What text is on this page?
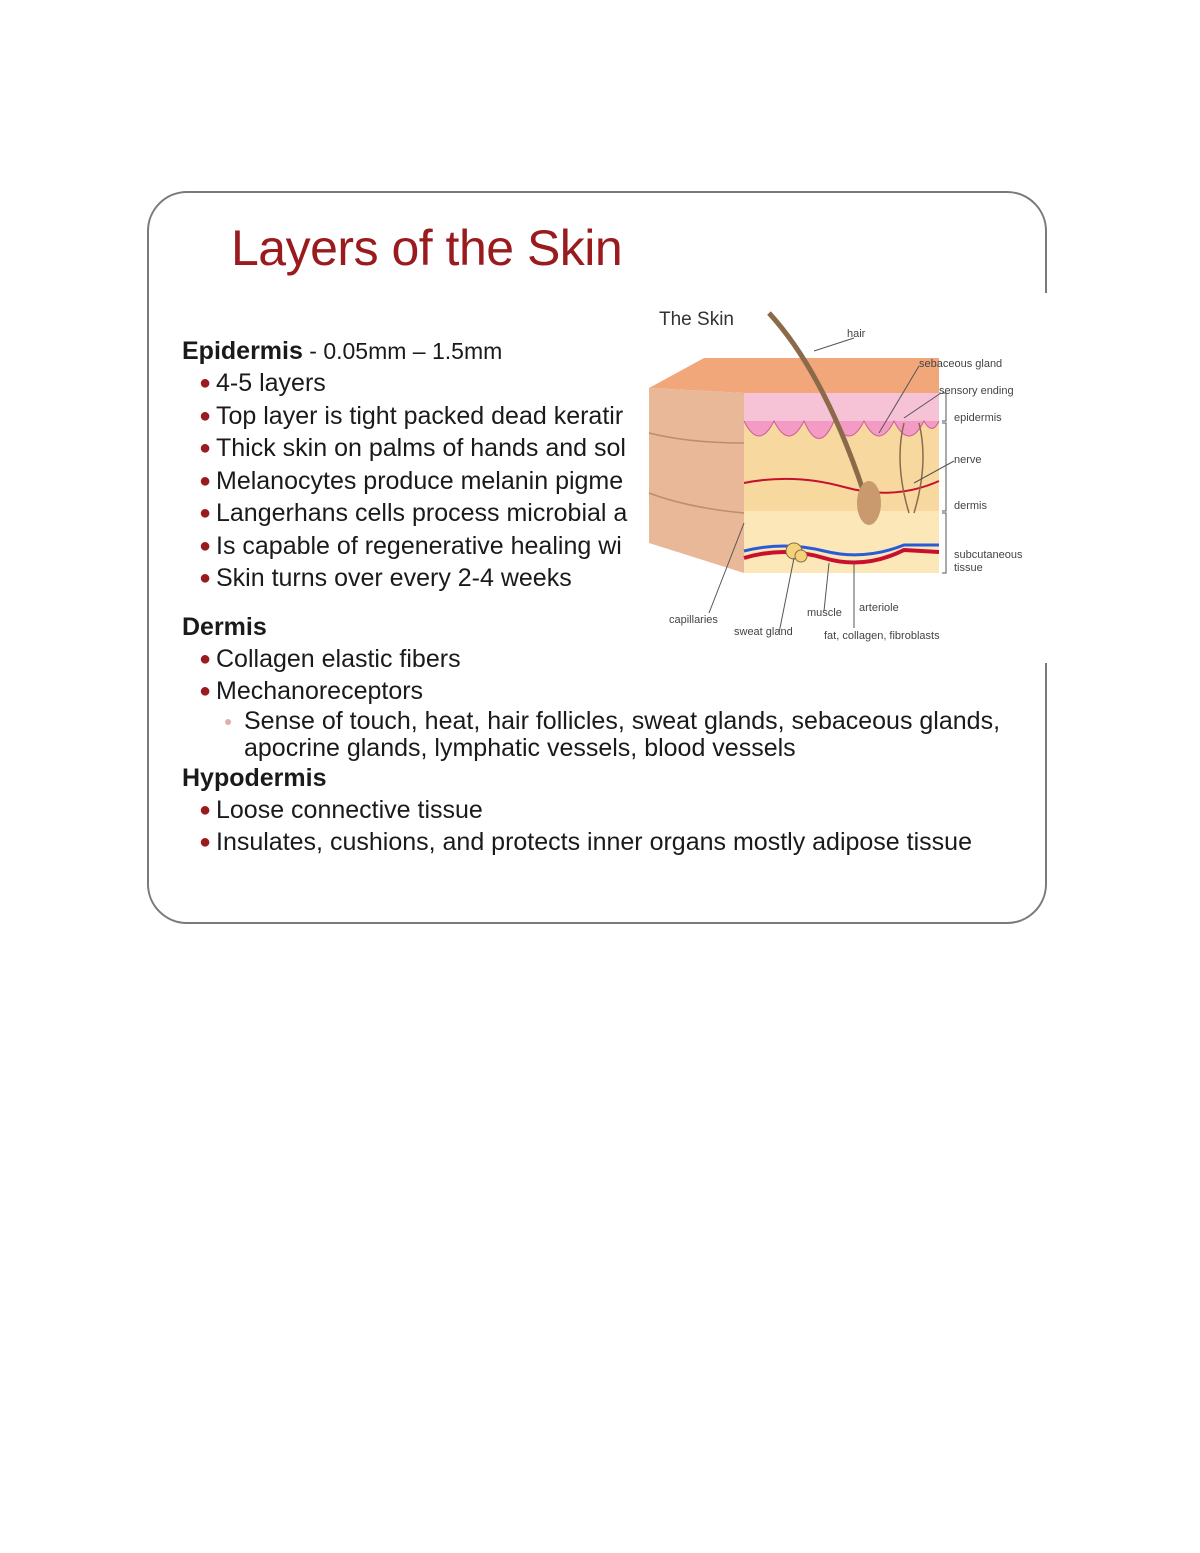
Layers of the Skin
Epidermis - 0.05mm – 1.5mm
● 4-5 layers
● Top layer is tight packed dead keratir
● Thick skin on palms of hands and sol
● Melanocytes produce melanin pigme
● Langerhans cells process microbial a
● Is capable of regenerative healing wi
● Skin turns over every 2-4 weeks
Dermis
● Collagen elastic fibers
● Mechanoreceptors
● Sense of touch, heat, hair follicles, sweat glands, sebaceous glands, apocrine glands, lymphatic vessels, blood vessels
Hypodermis
● Loose connective tissue
● Insulates, cushions, and protects inner organs mostly adipose tissue
The Skin
hair
sebaceous gland
sensory ending
epidermis
nerve
dermis
subcutaneous
tissue
capillaries
muscle arteriole
sweat gland	fat, collagen, fibroblasts
